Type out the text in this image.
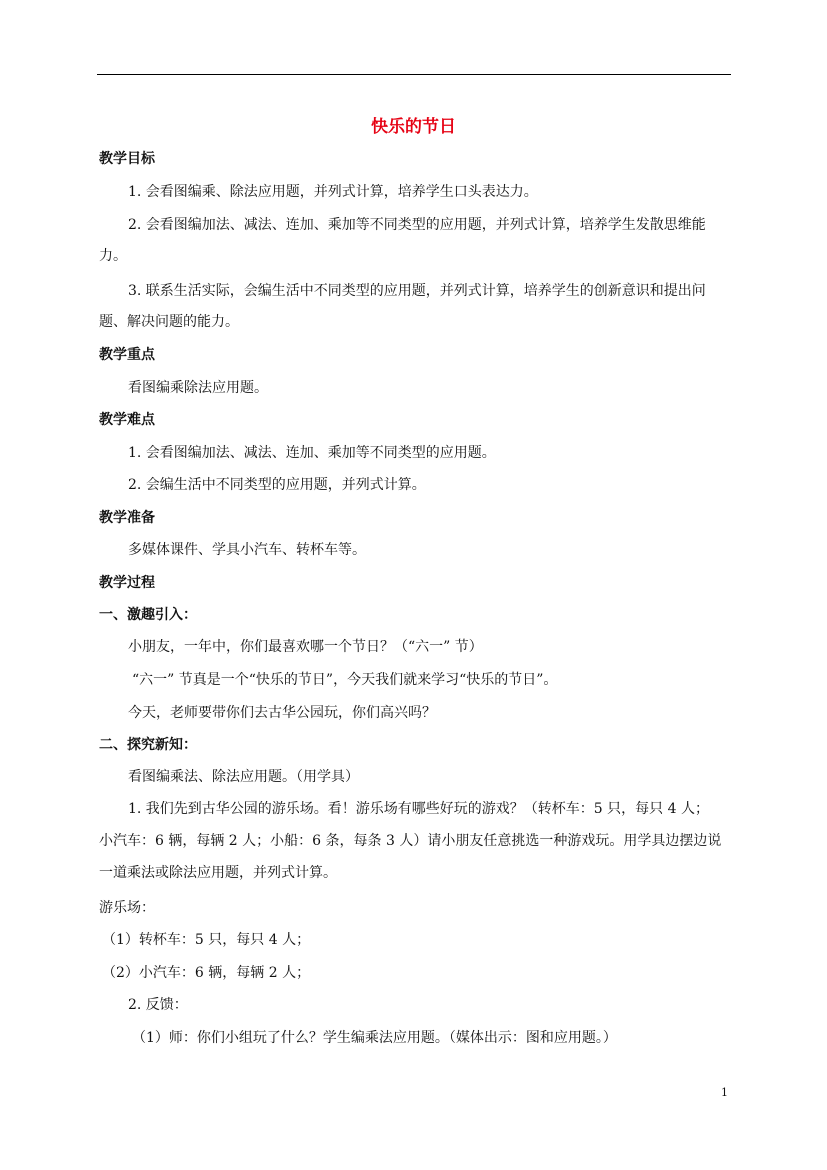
快乐的节日
教学目标
1. 会看图编乘、除法应用题，并列式计算，培养学生口头表达力。
2. 会看图编加法、减法、连加、乘加等不同类型的应用题，并列式计算，培养学生发散思维能
力。
3. 联系生活实际，会编生活中不同类型的应用题，并列式计算，培养学生的创新意识和提出问
题、解决问题的能力。
教学重点
看图编乘除法应用题。
教学难点
1. 会看图编加法、减法、连加、乘加等不同类型的应用题。
2. 会编生活中不同类型的应用题，并列式计算。
教学准备
多媒体课件、学具小汽车、转杯车等。
教学过程
一、激趣引入：
小朋友，一年中，你们最喜欢哪一个节日？（“六一” 节）
“六一” 节真是一个“快乐的节日”，今天我们就来学习“快乐的节日”。
今天，老师要带你们去古华公园玩，你们高兴吗？
二、探究新知：
看图编乘法、除法应用题。（用学具）
1. 我们先到古华公园的游乐场。看！游乐场有哪些好玩的游戏？（转杯车：5 只，每只 4 人；
小汽车：6 辆，每辆 2 人；小船：6 条，每条 3 人）请小朋友任意挑选一种游戏玩。用学具边摆边说
一道乘法或除法应用题，并列式计算。
游乐场：
（1）转杯车：5 只，每只 4 人；
（2）小汽车：6 辆，每辆 2 人；
2. 反馈：
（1）师：你们小组玩了什么？学生编乘法应用题。（媒体出示：图和应用题。）
1
